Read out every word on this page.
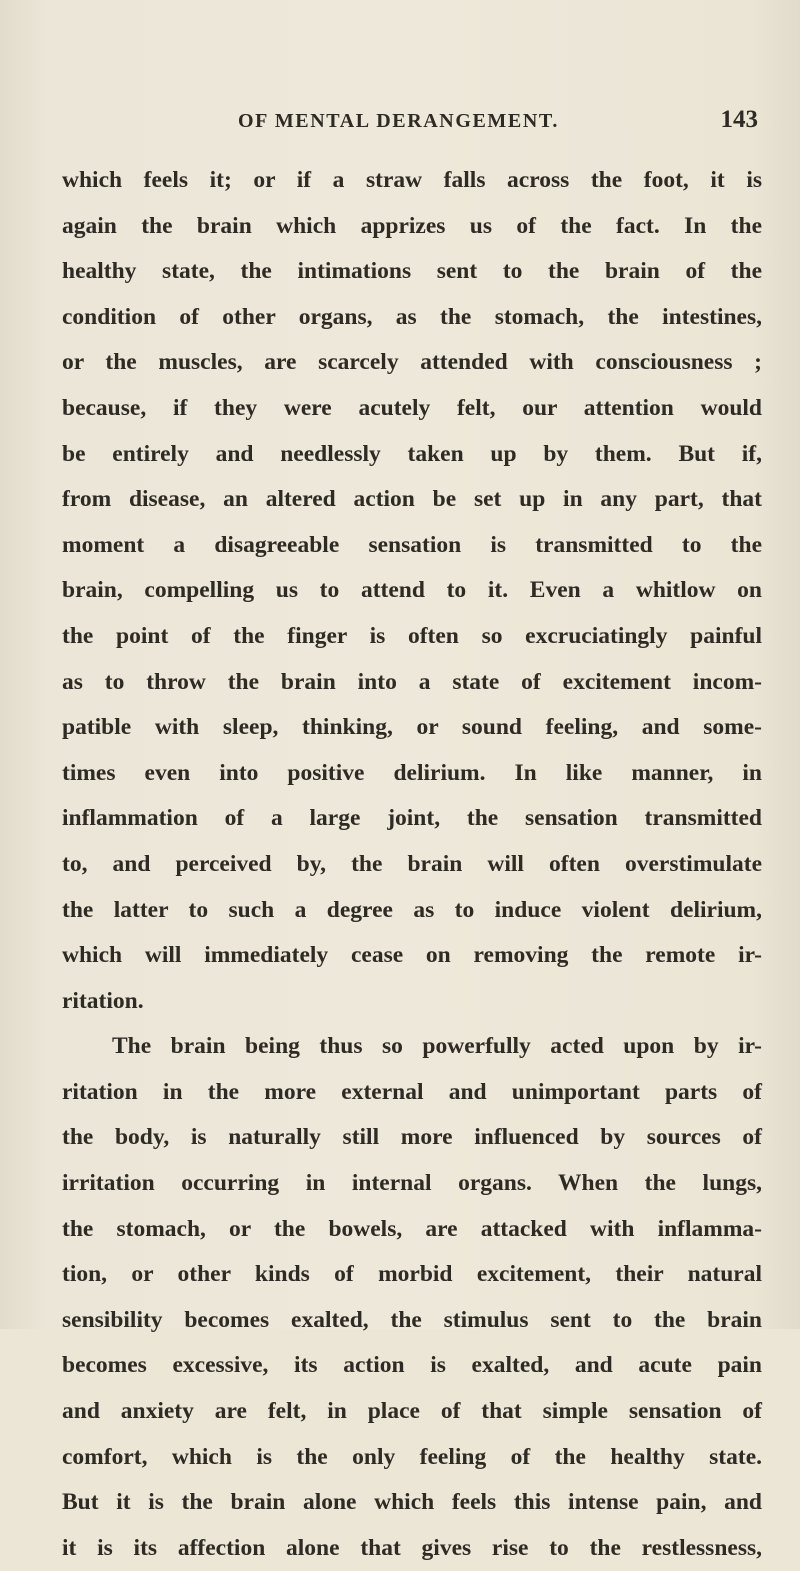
OF MENTAL DERANGEMENT.	143
which feels it; or if a straw falls across the foot, it is
again the brain which apprizes us of the fact. In the
healthy state, the intimations sent to the brain of the
condition of other organs, as the stomach, the intestines,
or the muscles, are scarcely attended with consciousness ;
because, if they were acutely felt, our attention would
be entirely and needlessly taken up by them. But if,
from disease, an altered action be set up in any part, that
moment a disagreeable sensation is transmitted to the
brain, compelling us to attend to it. Even a whitlow on
the point of the finger is often so excruciatingly painful
as to throw the brain into a state of excitement incom-
patible with sleep, thinking, or sound feeling, and some-
times even into positive delirium. In like manner, in
inflammation of a large joint, the sensation transmitted
to, and perceived by, the brain will often overstimulate
the latter to such a degree as to induce violent delirium,
which will immediately cease on removing the remote ir-
ritation.
The brain being thus so powerfully acted upon by ir-
ritation in the more external and unimportant parts of
the body, is naturally still more influenced by sources of
irritation occurring in internal organs. When the lungs,
the stomach, or the bowels, are attacked with inflamma-
tion, or other kinds of morbid excitement, their natural
sensibility becomes exalted, the stimulus sent to the brain
becomes excessive, its action is exalted, and acute pain
and anxiety are felt, in place of that simple sensation of
comfort, which is the only feeling of the healthy state.
But it is the brain alone which feels this intense pain, and
it is its affection alone that gives rise to the restlessness,
